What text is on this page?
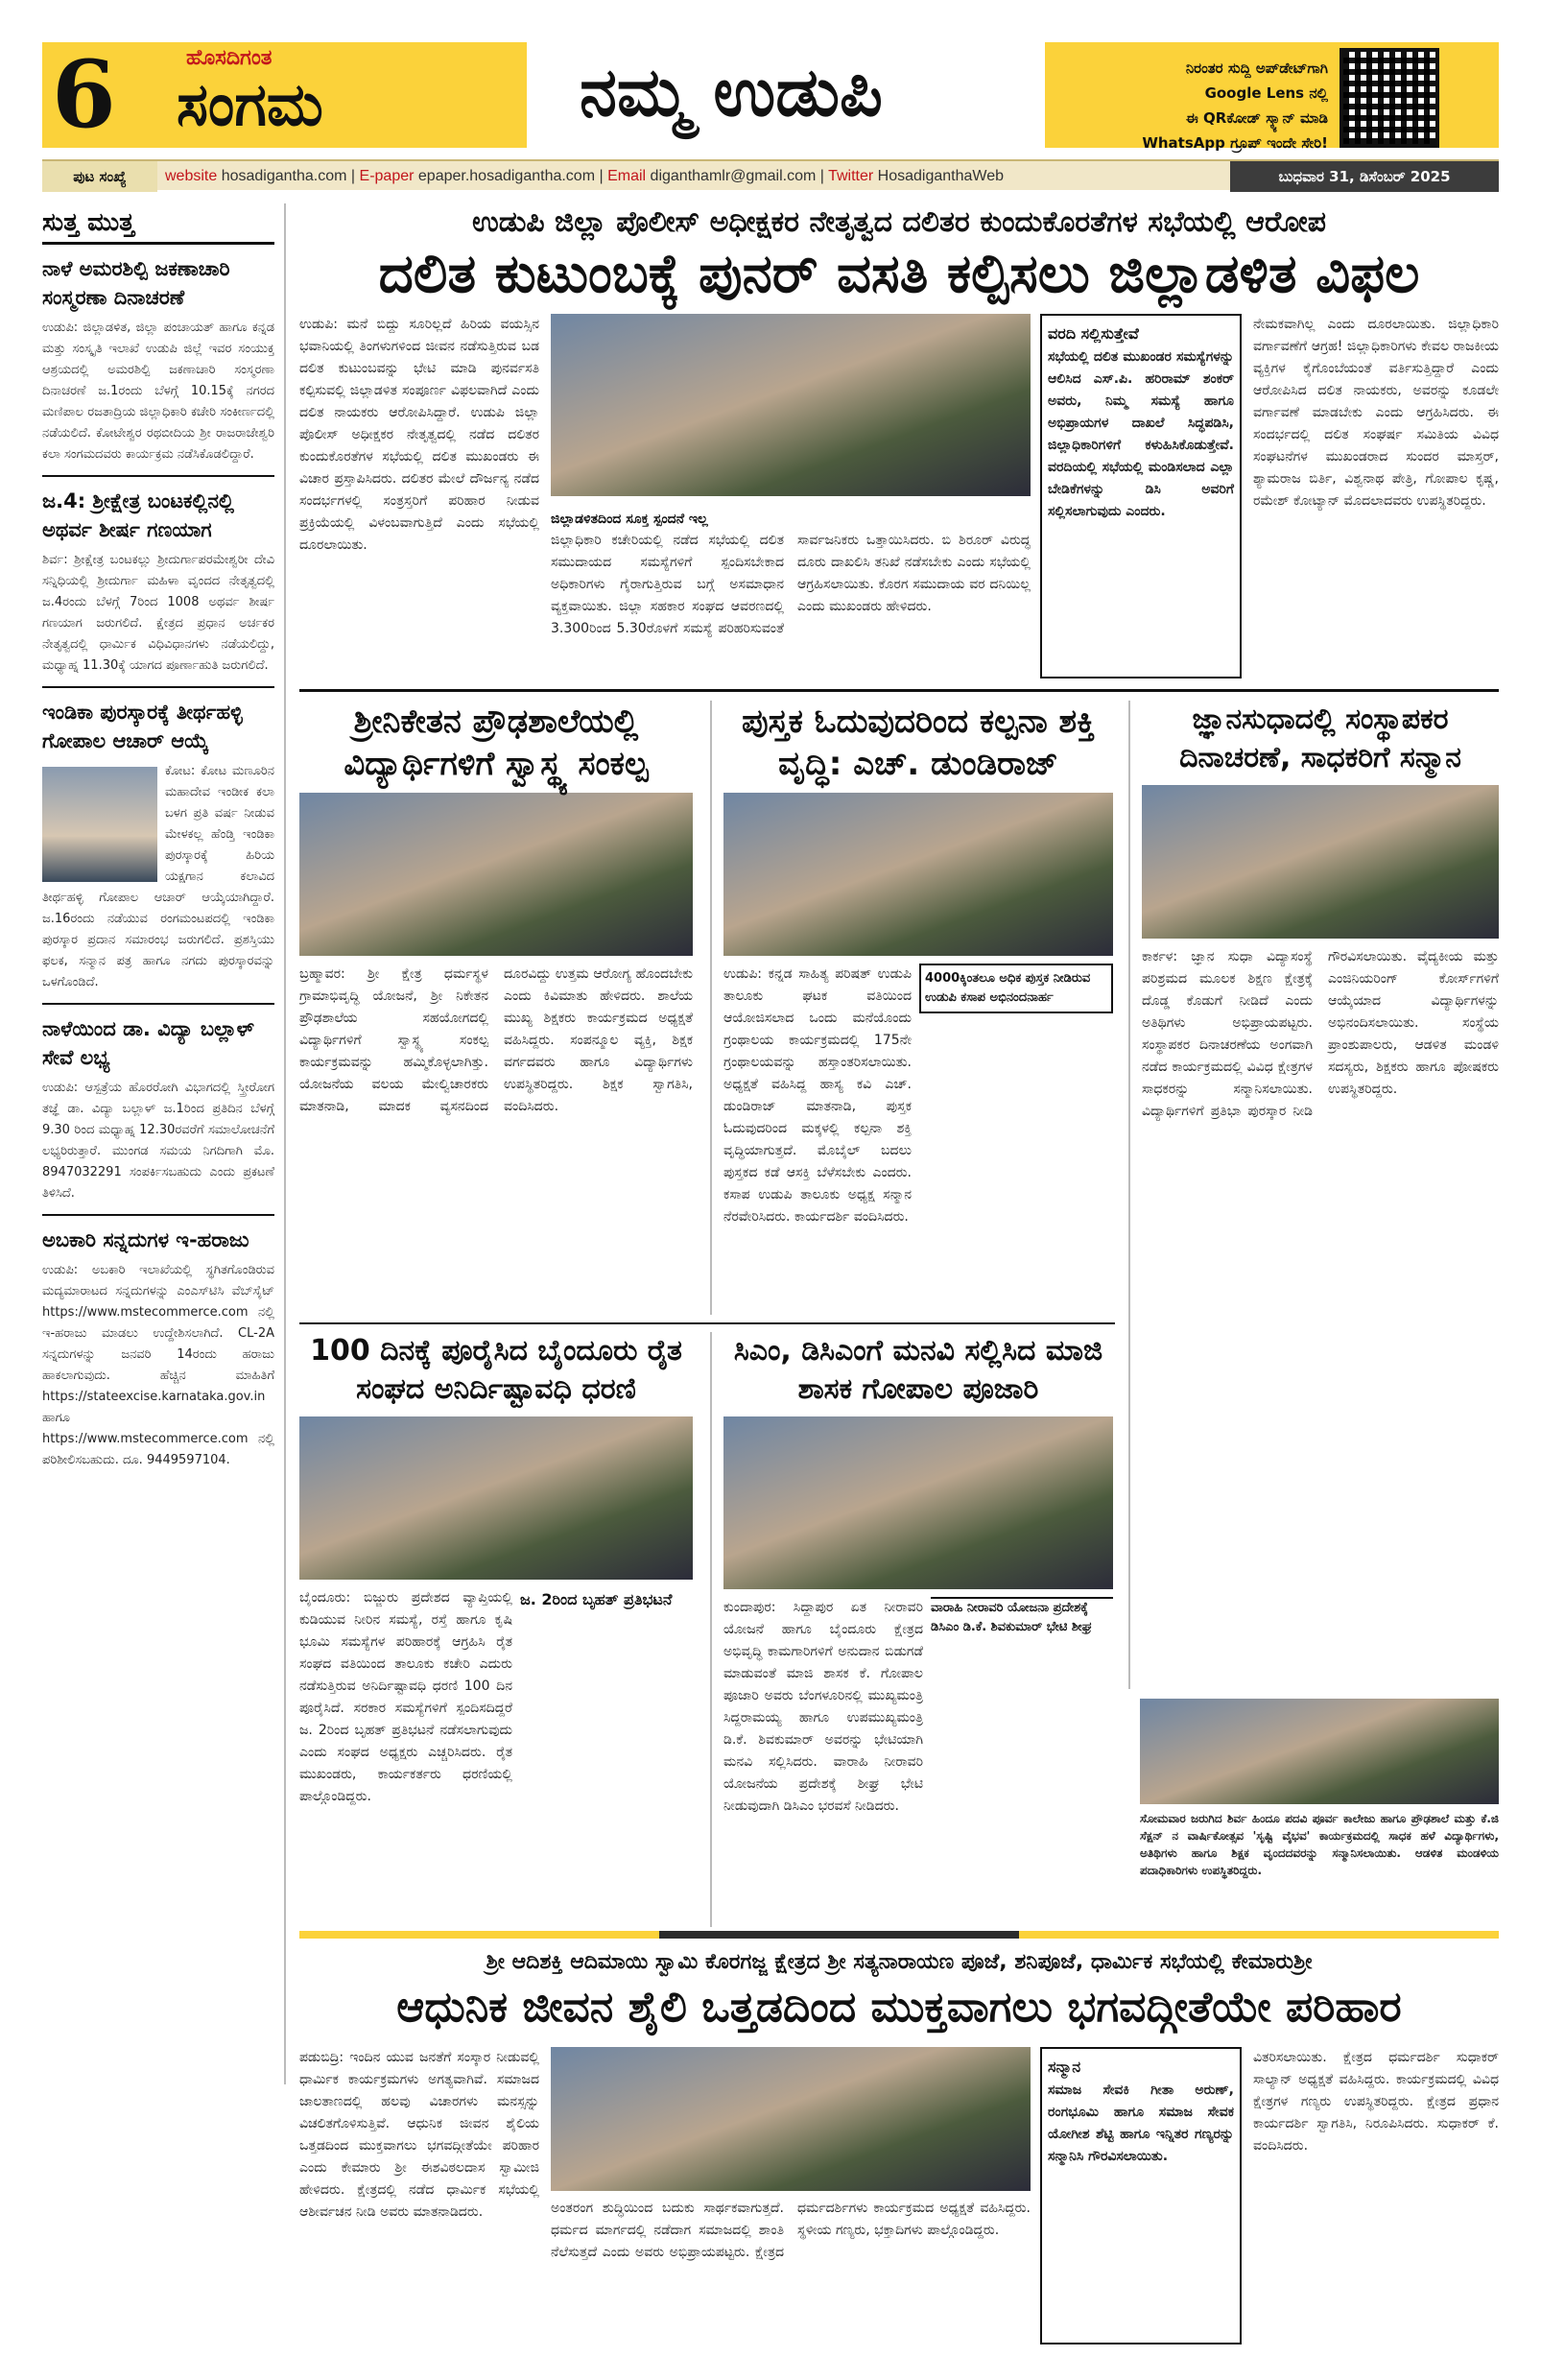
6	ಹೊಸದಿಗಂತ
ಸಂಗಮ	ನಮ್ಮ ಉಡುಪಿ	ನಿರಂತರ ಸುದ್ದಿ ಅಪ್‌ಡೇಟ್‌ಗಾಗಿ
Google Lens ನಲ್ಲಿ
ಈ QRಕೋಡ್ ಸ್ಕ್ಯಾನ್ ಮಾಡಿ
WhatsApp ಗ್ರೂಪ್ ಇಂದೇ ಸೇರಿ!
ಪುಟ ಸಂಖ್ಯೆ	website hosadigantha.com | E-paper epaper.hosadigantha.com | Email diganthamlr@gmail.com | Twitter HosadiganthaWeb	ಬುಧವಾರ 31, ಡಿಸೆಂಬರ್ 2025
ಸುತ್ತ ಮುತ್ತ
ನಾಳೆ ಅಮರಶಿಲ್ಪಿ ಜಕಣಾಚಾರಿ ಸಂಸ್ಮರಣಾ ದಿನಾಚರಣೆ
ಉಡುಪಿ: ಜಿಲ್ಲಾಡಳಿತ, ಜಿಲ್ಲಾ ಪಂಚಾಯತ್ ಹಾಗೂ ಕನ್ನಡ ಮತ್ತು ಸಂಸ್ಕೃತಿ ಇಲಾಖೆ ಉಡುಪಿ ಜಿಲ್ಲೆ ಇವರ ಸಂಯುಕ್ತ ಆಶ್ರಯದಲ್ಲಿ ಅಮರಶಿಲ್ಪಿ ಜಕಣಾಚಾರಿ ಸಂಸ್ಮರಣಾ ದಿನಾಚರಣೆ ಜ.1ರಂದು ಬೆಳಗ್ಗೆ 10.15ಕ್ಕೆ ನಗರದ ಮಣಿಪಾಲ ರಜತಾದ್ರಿಯ ಜಿಲ್ಲಾಧಿಕಾರಿ ಕಚೇರಿ ಸಂಕೀರ್ಣದಲ್ಲಿ ನಡೆಯಲಿದೆ. ಕೋಟೇಶ್ವರ ರಥಬೀದಿಯ ಶ್ರೀ ರಾಜರಾಜೇಶ್ವರಿ ಕಲಾ ಸಂಗಮದವರು ಕಾರ್ಯಕ್ರಮ ನಡೆಸಿಕೊಡಲಿದ್ದಾರೆ.
ಜ.4: ಶ್ರೀಕ್ಷೇತ್ರ ಬಂಟಕಲ್ಲಿನಲ್ಲಿ ಅಥರ್ವ ಶೀರ್ಷ ಗಣಯಾಗ
ಶಿರ್ವ: ಶ್ರೀಕ್ಷೇತ್ರ ಬಂಟಕಲ್ಲು ಶ್ರೀದುರ್ಗಾಪರಮೇಶ್ವರೀ ದೇವಿ ಸನ್ನಿಧಿಯಲ್ಲಿ ಶ್ರೀದುರ್ಗಾ ಮಹಿಳಾ ವೃಂದದ ನೇತೃತ್ವದಲ್ಲಿ ಜ.4ರಂದು ಬೆಳಗ್ಗೆ 7ರಿಂದ 1008 ಅಥರ್ವ ಶೀರ್ಷ ಗಣಯಾಗ ಜರುಗಲಿದೆ. ಕ್ಷೇತ್ರದ ಪ್ರಧಾನ ಅರ್ಚಕರ ನೇತೃತ್ವದಲ್ಲಿ ಧಾರ್ಮಿಕ ವಿಧಿವಿಧಾನಗಳು ನಡೆಯಲಿದ್ದು, ಮಧ್ಯಾಹ್ನ 11.30ಕ್ಕೆ ಯಾಗದ ಪೂರ್ಣಾಹುತಿ ಜರುಗಲಿದೆ.
ಇಂಡಿಕಾ ಪುರಸ್ಕಾರಕ್ಕೆ ತೀರ್ಥಹಳ್ಳಿ ಗೋಪಾಲ ಆಚಾರ್ ಆಯ್ಕೆ
ಕೋಟ: ಕೋಟ ಮಣೂರಿನ ಮಹಾದೇವ ಇಂಡೀಕ ಕಲಾ ಬಳಗ ಪ್ರತಿ ವರ್ಷ ನೀಡುವ ಮೇಳಕಲ್ಲ ಹೆಂಡ್ತಿ ಇಂಡಿಕಾ ಪುರಸ್ಕಾರಕ್ಕೆ ಹಿರಿಯ ಯಕ್ಷಗಾನ ಕಲಾವಿದ ತೀರ್ಥಹಳ್ಳಿ ಗೋಪಾಲ ಆಚಾರ್ ಆಯ್ಕೆಯಾಗಿದ್ದಾರೆ. ಜ.16ರಂದು ನಡೆಯುವ ರಂಗಮಂಟಪದಲ್ಲಿ ಇಂಡಿಕಾ ಪುರಸ್ಕಾರ ಪ್ರದಾನ ಸಮಾರಂಭ ಜರುಗಲಿದೆ. ಪ್ರಶಸ್ತಿಯು ಫಲಕ, ಸನ್ಮಾನ ಪತ್ರ ಹಾಗೂ ನಗದು ಪುರಸ್ಕಾರವನ್ನು ಒಳಗೊಂಡಿದೆ.
ನಾಳೆಯಿಂದ ಡಾ. ವಿದ್ಯಾ ಬಲ್ಲಾಳ್ ಸೇವೆ ಲಭ್ಯ
ಉಡುಪಿ: ಆಸ್ಪತ್ರೆಯ ಹೊರರೋಗಿ ವಿಭಾಗದಲ್ಲಿ ಸ್ತ್ರೀರೋಗ ತಜ್ಞೆ ಡಾ. ವಿದ್ಯಾ ಬಲ್ಲಾಳ್ ಜ.1ರಿಂದ ಪ್ರತಿದಿನ ಬೆಳಗ್ಗೆ 9.30 ರಿಂದ ಮಧ್ಯಾಹ್ನ 12.30ರವರೆಗೆ ಸಮಾಲೋಚನೆಗೆ ಲಭ್ಯರಿರುತ್ತಾರೆ. ಮುಂಗಡ ಸಮಯ ನಿಗದಿಗಾಗಿ ಮೊ. 8947032291 ಸಂಪರ್ಕಿಸಬಹುದು ಎಂದು ಪ್ರಕಟಣೆ ತಿಳಿಸಿದೆ.
ಅಬಕಾರಿ ಸನ್ನದುಗಳ ಇ-ಹರಾಜು
ಉಡುಪಿ: ಅಬಕಾರಿ ಇಲಾಖೆಯಲ್ಲಿ ಸ್ಥಗಿತಗೊಂಡಿರುವ ಮದ್ಯಮಾರಾಟದ ಸನ್ನದುಗಳನ್ನು ಎಂಎಸ್‌ಟಿಸಿ ವೆಬ್‌ಸೈಟ್ https://www.mstecommerce.com ನಲ್ಲಿ ಇ-ಹರಾಜು ಮಾಡಲು ಉದ್ದೇಶಿಸಲಾಗಿದೆ. CL-2A ಸನ್ನದುಗಳನ್ನು ಜನವರಿ 14ರಂದು ಹರಾಜು ಹಾಕಲಾಗುವುದು. ಹೆಚ್ಚಿನ ಮಾಹಿತಿಗೆ https://stateexcise.karnataka.gov.in ಹಾಗೂ https://www.mstecommerce.com ನಲ್ಲಿ ಪರಿಶೀಲಿಸಬಹುದು. ದೂ. 9449597104.
ಉಡುಪಿ ಜಿಲ್ಲಾ ಪೊಲೀಸ್ ಅಧೀಕ್ಷಕರ ನೇತೃತ್ವದ ದಲಿತರ ಕುಂದುಕೊರತೆಗಳ ಸಭೆಯಲ್ಲಿ ಆರೋಪ
ದಲಿತ ಕುಟುಂಬಕ್ಕೆ ಪುನರ್ ವಸತಿ ಕಲ್ಪಿಸಲು ಜಿಲ್ಲಾಡಳಿತ ವಿಫಲ
ಉಡುಪಿ: ಮನೆ ಬಿದ್ದು ಸೂರಿಲ್ಲದೆ ಹಿರಿಯ ವಯಸ್ಸಿನ ಭವಾನಿಯಲ್ಲಿ ತಿಂಗಳುಗಳಿಂದ ಜೀವನ ನಡೆಸುತ್ತಿರುವ ಬಡ ದಲಿತ ಕುಟುಂಬವನ್ನು ಭೇಟಿ ಮಾಡಿ ಪುನರ್ವಸತಿ ಕಲ್ಪಿಸುವಲ್ಲಿ ಜಿಲ್ಲಾಡಳಿತ ಸಂಪೂರ್ಣ ವಿಫಲವಾಗಿದೆ ಎಂದು ದಲಿತ ನಾಯಕರು ಆರೋಪಿಸಿದ್ದಾರೆ. ಉಡುಪಿ ಜಿಲ್ಲಾ ಪೊಲೀಸ್ ಅಧೀಕ್ಷಕರ ನೇತೃತ್ವದಲ್ಲಿ ನಡೆದ ದಲಿತರ ಕುಂದುಕೊರತೆಗಳ ಸಭೆಯಲ್ಲಿ ದಲಿತ ಮುಖಂಡರು ಈ ವಿಚಾರ ಪ್ರಸ್ತಾಪಿಸಿದರು. ದಲಿತರ ಮೇಲೆ ದೌರ್ಜನ್ಯ ನಡೆದ ಸಂದರ್ಭಗಳಲ್ಲಿ ಸಂತ್ರಸ್ತರಿಗೆ ಪರಿಹಾರ ನೀಡುವ ಪ್ರಕ್ರಿಯೆಯಲ್ಲಿ ವಿಳಂಬವಾಗುತ್ತಿದೆ ಎಂದು ಸಭೆಯಲ್ಲಿ ದೂರಲಾಯಿತು.
ಜಿಲ್ಲಾಡಳಿತದಿಂದ ಸೂಕ್ತ ಸ್ಪಂದನೆ ಇಲ್ಲ
ಜಿಲ್ಲಾಧಿಕಾರಿ ಕಚೇರಿಯಲ್ಲಿ ನಡೆದ ಸಭೆಯಲ್ಲಿ ದಲಿತ ಸಮುದಾಯದ ಸಮಸ್ಯೆಗಳಿಗೆ ಸ್ಪಂದಿಸಬೇಕಾದ ಅಧಿಕಾರಿಗಳು ಗೈರಾಗುತ್ತಿರುವ ಬಗ್ಗೆ ಅಸಮಾಧಾನ ವ್ಯಕ್ತವಾಯಿತು. ಜಿಲ್ಲಾ ಸಹಕಾರ ಸಂಘದ ಆವರಣದಲ್ಲಿ 3.300ರಿಂದ 5.30ರೊಳಗೆ ಸಮಸ್ಯೆ ಪರಿಹರಿಸುವಂತೆ ಸಾರ್ವಜನಿಕರು ಒತ್ತಾಯಿಸಿದರು. ಬಿ ಶಿರೂರ್ ವಿರುದ್ಧ ದೂರು ದಾಖಲಿಸಿ ತನಿಖೆ ನಡೆಸಬೇಕು ಎಂದು ಸಭೆಯಲ್ಲಿ ಆಗ್ರಹಿಸಲಾಯಿತು. ಕೊರಗ ಸಮುದಾಯ ವರ ದನಿಯಿಲ್ಲ ಎಂದು ಮುಖಂಡರು ಹೇಳಿದರು.
ವರದಿ ಸಲ್ಲಿಸುತ್ತೇವೆ
ಸಭೆಯಲ್ಲಿ ದಲಿತ ಮುಖಂಡರ ಸಮಸ್ಯೆಗಳನ್ನು ಆಲಿಸಿದ ಎಸ್.ಪಿ. ಹರಿರಾಮ್ ಶಂಕರ್ ಅವರು, ನಿಮ್ಮ ಸಮಸ್ಯೆ ಹಾಗೂ ಅಭಿಪ್ರಾಯಗಳ ದಾಖಲೆ ಸಿದ್ಧಪಡಿಸಿ, ಜಿಲ್ಲಾಧಿಕಾರಿಗಳಿಗೆ ಕಳುಹಿಸಿಕೊಡುತ್ತೇವೆ. ವರದಿಯಲ್ಲಿ ಸಭೆಯಲ್ಲಿ ಮಂಡಿಸಲಾದ ಎಲ್ಲಾ ಬೇಡಿಕೆಗಳನ್ನು ಡಿಸಿ ಅವರಿಗೆ ಸಲ್ಲಿಸಲಾಗುವುದು ಎಂದರು.
ನೇಮಕವಾಗಿಲ್ಲ ಎಂದು ದೂರಲಾಯಿತು. ಜಿಲ್ಲಾಧಿಕಾರಿ ವರ್ಗಾವಣೆಗೆ ಆಗ್ರಹ! ಜಿಲ್ಲಾಧಿಕಾರಿಗಳು ಕೇವಲ ರಾಜಕೀಯ ವ್ಯಕ್ತಿಗಳ ಕೈಗೊಂಬೆಯಂತೆ ವರ್ತಿಸುತ್ತಿದ್ದಾರೆ ಎಂದು ಆರೋಪಿಸಿದ ದಲಿತ ನಾಯಕರು, ಅವರನ್ನು ಕೂಡಲೇ ವರ್ಗಾವಣೆ ಮಾಡಬೇಕು ಎಂದು ಆಗ್ರಹಿಸಿದರು. ಈ ಸಂದರ್ಭದಲ್ಲಿ ದಲಿತ ಸಂಘರ್ಷ ಸಮಿತಿಯ ವಿವಿಧ ಸಂಘಟನೆಗಳ ಮುಖಂಡರಾದ ಸುಂದರ ಮಾಸ್ತರ್, ಶ್ಯಾಮರಾಜ ಬಿರ್ತಿ, ವಿಶ್ವನಾಥ ಪೇತ್ರಿ, ಗೋಪಾಲ ಕೃಷ್ಣ, ರಮೇಶ್ ಕೋಟ್ಯಾನ್ ಮೊದಲಾದವರು ಉಪಸ್ಥಿತರಿದ್ದರು.
ಶ್ರೀನಿಕೇತನ ಪ್ರೌಢಶಾಲೆಯಲ್ಲಿ ವಿದ್ಯಾರ್ಥಿಗಳಿಗೆ ಸ್ವಾಸ್ಥ್ಯ ಸಂಕಲ್ಪ
ಬ್ರಹ್ಮಾವರ: ಶ್ರೀ ಕ್ಷೇತ್ರ ಧರ್ಮಸ್ಥಳ ಗ್ರಾಮಾಭಿವೃದ್ಧಿ ಯೋಜನೆ, ಶ್ರೀ ನಿಕೇತನ ಪ್ರೌಢಶಾಲೆಯ ಸಹಯೋಗದಲ್ಲಿ ವಿದ್ಯಾರ್ಥಿಗಳಿಗೆ ಸ್ವಾಸ್ಥ್ಯ ಸಂಕಲ್ಪ ಕಾರ್ಯಕ್ರಮವನ್ನು ಹಮ್ಮಿಕೊಳ್ಳಲಾಗಿತ್ತು. ಯೋಜನೆಯ ವಲಯ ಮೇಲ್ವಿಚಾರಕರು ಮಾತನಾಡಿ, ಮಾದಕ ವ್ಯಸನದಿಂದ ದೂರವಿದ್ದು ಉತ್ತಮ ಆರೋಗ್ಯ ಹೊಂದಬೇಕು ಎಂದು ಕಿವಿಮಾತು ಹೇಳಿದರು. ಶಾಲೆಯ ಮುಖ್ಯ ಶಿಕ್ಷಕರು ಕಾರ್ಯಕ್ರಮದ ಅಧ್ಯಕ್ಷತೆ ವಹಿಸಿದ್ದರು. ಸಂಪನ್ಮೂಲ ವ್ಯಕ್ತಿ, ಶಿಕ್ಷಕ ವರ್ಗದವರು ಹಾಗೂ ವಿದ್ಯಾರ್ಥಿಗಳು ಉಪಸ್ಥಿತರಿದ್ದರು. ಶಿಕ್ಷಕ ಸ್ವಾಗತಿಸಿ, ವಂದಿಸಿದರು.
ಪುಸ್ತಕ ಓದುವುದರಿಂದ ಕಲ್ಪನಾ ಶಕ್ತಿ ವೃದ್ಧಿ: ಎಚ್. ಡುಂಡಿರಾಜ್
4000ಕ್ಕಿಂತಲೂ ಅಧಿಕ ಪುಸ್ತಕ ನೀಡಿರುವ ಉಡುಪಿ ಕಸಾಪ ಅಭಿನಂದನಾರ್ಹ
ಉಡುಪಿ: ಕನ್ನಡ ಸಾಹಿತ್ಯ ಪರಿಷತ್ ಉಡುಪಿ ತಾಲೂಕು ಘಟಕ ವತಿಯಿಂದ ಆಯೋಜಿಸಲಾದ ಒಂದು ಮನೆಯೊಂದು ಗ್ರಂಥಾಲಯ ಕಾರ್ಯಕ್ರಮದಲ್ಲಿ 175ನೇ ಗ್ರಂಥಾಲಯವನ್ನು ಹಸ್ತಾಂತರಿಸಲಾಯಿತು. ಅಧ್ಯಕ್ಷತೆ ವಹಿಸಿದ್ದ ಹಾಸ್ಯ ಕವಿ ಎಚ್. ಡುಂಡಿರಾಜ್ ಮಾತನಾಡಿ, ಪುಸ್ತಕ ಓದುವುದರಿಂದ ಮಕ್ಕಳಲ್ಲಿ ಕಲ್ಪನಾ ಶಕ್ತಿ ವೃದ್ಧಿಯಾಗುತ್ತದೆ. ಮೊಬೈಲ್ ಬದಲು ಪುಸ್ತಕದ ಕಡೆ ಆಸಕ್ತಿ ಬೆಳೆಸಬೇಕು ಎಂದರು. ಕಸಾಪ ಉಡುಪಿ ತಾಲೂಕು ಅಧ್ಯಕ್ಷ ಸನ್ಮಾನ ನೆರವೇರಿಸಿದರು. ಕಾರ್ಯದರ್ಶಿ ವಂದಿಸಿದರು.
ಜ್ಞಾನಸುಧಾದಲ್ಲಿ ಸಂಸ್ಥಾಪಕರ ದಿನಾಚರಣೆ, ಸಾಧಕರಿಗೆ ಸನ್ಮಾನ
ಕಾರ್ಕಳ: ಜ್ಞಾನ ಸುಧಾ ವಿದ್ಯಾಸಂಸ್ಥೆ ಪರಿಶ್ರಮದ ಮೂಲಕ ಶಿಕ್ಷಣ ಕ್ಷೇತ್ರಕ್ಕೆ ದೊಡ್ಡ ಕೊಡುಗೆ ನೀಡಿದೆ ಎಂದು ಅತಿಥಿಗಳು ಅಭಿಪ್ರಾಯಪಟ್ಟರು. ಸಂಸ್ಥಾಪಕರ ದಿನಾಚರಣೆಯ ಅಂಗವಾಗಿ ನಡೆದ ಕಾರ್ಯಕ್ರಮದಲ್ಲಿ ವಿವಿಧ ಕ್ಷೇತ್ರಗಳ ಸಾಧಕರನ್ನು ಸನ್ಮಾನಿಸಲಾಯಿತು. ವಿದ್ಯಾರ್ಥಿಗಳಿಗೆ ಪ್ರತಿಭಾ ಪುರಸ್ಕಾರ ನೀಡಿ ಗೌರವಿಸಲಾಯಿತು. ವೈದ್ಯಕೀಯ ಮತ್ತು ಎಂಜಿನಿಯರಿಂಗ್ ಕೋರ್ಸ್‌ಗಳಿಗೆ ಆಯ್ಕೆಯಾದ ವಿದ್ಯಾರ್ಥಿಗಳನ್ನು ಅಭಿನಂದಿಸಲಾಯಿತು. ಸಂಸ್ಥೆಯ ಪ್ರಾಂಶುಪಾಲರು, ಆಡಳಿತ ಮಂಡಳಿ ಸದಸ್ಯರು, ಶಿಕ್ಷಕರು ಹಾಗೂ ಪೋಷಕರು ಉಪಸ್ಥಿತರಿದ್ದರು.
100 ದಿನಕ್ಕೆ ಪೂರೈಸಿದ ಬೈಂದೂರು ರೈತ ಸಂಘದ ಅನಿರ್ದಿಷ್ಟಾವಧಿ ಧರಣಿ
ಜ. 2ರಿಂದ ಬೃಹತ್ ಪ್ರತಿಭಟನೆ
ಬೈಂದೂರು: ಬಿಜ್ಜುರು ಪ್ರದೇಶದ ವ್ಯಾಪ್ತಿಯಲ್ಲಿ ಕುಡಿಯುವ ನೀರಿನ ಸಮಸ್ಯೆ, ರಸ್ತೆ ಹಾಗೂ ಕೃಷಿ ಭೂಮಿ ಸಮಸ್ಯೆಗಳ ಪರಿಹಾರಕ್ಕೆ ಆಗ್ರಹಿಸಿ ರೈತ ಸಂಘದ ವತಿಯಿಂದ ತಾಲೂಕು ಕಚೇರಿ ಎದುರು ನಡೆಸುತ್ತಿರುವ ಅನಿರ್ದಿಷ್ಟಾವಧಿ ಧರಣಿ 100 ದಿನ ಪೂರೈಸಿದೆ. ಸರಕಾರ ಸಮಸ್ಯೆಗಳಿಗೆ ಸ್ಪಂದಿಸದಿದ್ದರೆ ಜ. 2ರಿಂದ ಬೃಹತ್ ಪ್ರತಿಭಟನೆ ನಡೆಸಲಾಗುವುದು ಎಂದು ಸಂಘದ ಅಧ್ಯಕ್ಷರು ಎಚ್ಚರಿಸಿದರು. ರೈತ ಮುಖಂಡರು, ಕಾರ್ಯಕರ್ತರು ಧರಣಿಯಲ್ಲಿ ಪಾಲ್ಗೊಂಡಿದ್ದರು.
ಸಿಎಂ, ಡಿಸಿಎಂಗೆ ಮನವಿ ಸಲ್ಲಿಸಿದ ಮಾಜಿ ಶಾಸಕ ಗೋಪಾಲ ಪೂಜಾರಿ
ವಾರಾಹಿ ನೀರಾವರಿ ಯೋಜನಾ ಪ್ರದೇಶಕ್ಕೆ ಡಿಸಿಎಂ ಡಿ.ಕೆ. ಶಿವಕುಮಾರ್ ಭೇಟಿ ಶೀಘ್ರ
ಕುಂದಾಪುರ: ಸಿದ್ದಾಪುರ ಏತ ನೀರಾವರಿ ಯೋಜನೆ ಹಾಗೂ ಬೈಂದೂರು ಕ್ಷೇತ್ರದ ಅಭಿವೃದ್ಧಿ ಕಾಮಗಾರಿಗಳಿಗೆ ಅನುದಾನ ಬಿಡುಗಡೆ ಮಾಡುವಂತೆ ಮಾಜಿ ಶಾಸಕ ಕೆ. ಗೋಪಾಲ ಪೂಜಾರಿ ಅವರು ಬೆಂಗಳೂರಿನಲ್ಲಿ ಮುಖ್ಯಮಂತ್ರಿ ಸಿದ್ದರಾಮಯ್ಯ ಹಾಗೂ ಉಪಮುಖ್ಯಮಂತ್ರಿ ಡಿ.ಕೆ. ಶಿವಕುಮಾರ್ ಅವರನ್ನು ಭೇಟಿಯಾಗಿ ಮನವಿ ಸಲ್ಲಿಸಿದರು. ವಾರಾಹಿ ನೀರಾವರಿ ಯೋಜನೆಯ ಪ್ರದೇಶಕ್ಕೆ ಶೀಘ್ರ ಭೇಟಿ ನೀಡುವುದಾಗಿ ಡಿಸಿಎಂ ಭರವಸೆ ನೀಡಿದರು.
ಸೋಮವಾರ ಜರುಗಿದ ಶಿರ್ವ ಹಿಂದೂ ಪದವಿ ಪೂರ್ವ ಕಾಲೇಜು ಹಾಗೂ ಪ್ರೌಢಶಾಲೆ ಮತ್ತು ಕೆ.ಜಿ ಸೆಕ್ಷನ್ ನ ವಾರ್ಷಿಕೋತ್ಸವ 'ಸೃಷ್ಟಿ ವೈಭವ' ಕಾರ್ಯಕ್ರಮದಲ್ಲಿ ಸಾಧಕ ಹಳೆ ವಿದ್ಯಾರ್ಥಿಗಳು, ಅತಿಥಿಗಳು ಹಾಗೂ ಶಿಕ್ಷಕ ವೃಂದದವರನ್ನು ಸನ್ಮಾನಿಸಲಾಯಿತು. ಆಡಳಿತ ಮಂಡಳಿಯ ಪದಾಧಿಕಾರಿಗಳು ಉಪಸ್ಥಿತರಿದ್ದರು.
ಶ್ರೀ ಆದಿಶಕ್ತಿ ಆದಿಮಾಯಿ ಸ್ವಾಮಿ ಕೊರಗಜ್ಜ ಕ್ಷೇತ್ರದ ಶ್ರೀ ಸತ್ಯನಾರಾಯಣ ಪೂಜೆ, ಶನಿಪೂಜೆ, ಧಾರ್ಮಿಕ ಸಭೆಯಲ್ಲಿ ಕೇಮಾರುಶ್ರೀ
ಆಧುನಿಕ ಜೀವನ ಶೈಲಿ ಒತ್ತಡದಿಂದ ಮುಕ್ತವಾಗಲು ಭಗವದ್ಗೀತೆಯೇ ಪರಿಹಾರ
ಪಡುಬಿದ್ರಿ: ಇಂದಿನ ಯುವ ಜನತೆಗೆ ಸಂಸ್ಕಾರ ನೀಡುವಲ್ಲಿ ಧಾರ್ಮಿಕ ಕಾರ್ಯಕ್ರಮಗಳು ಅಗತ್ಯವಾಗಿವೆ. ಸಮಾಜದ ಜಾಲತಾಣದಲ್ಲಿ ಹಲವು ವಿಚಾರಗಳು ಮನಸ್ಸನ್ನು ವಿಚಲಿತಗೊಳಿಸುತ್ತಿವೆ. ಆಧುನಿಕ ಜೀವನ ಶೈಲಿಯ ಒತ್ತಡದಿಂದ ಮುಕ್ತವಾಗಲು ಭಗವದ್ಗೀತೆಯೇ ಪರಿಹಾರ ಎಂದು ಕೇಮಾರು ಶ್ರೀ ಈಶವಿಠಲದಾಸ ಸ್ವಾಮೀಜಿ ಹೇಳಿದರು. ಕ್ಷೇತ್ರದಲ್ಲಿ ನಡೆದ ಧಾರ್ಮಿಕ ಸಭೆಯಲ್ಲಿ ಆಶೀರ್ವಚನ ನೀಡಿ ಅವರು ಮಾತನಾಡಿದರು.	ಅಂತರಂಗ ಶುದ್ಧಿಯಿಂದ ಬದುಕು ಸಾರ್ಥಕವಾಗುತ್ತದೆ. ಧರ್ಮದ ಮಾರ್ಗದಲ್ಲಿ ನಡೆದಾಗ ಸಮಾಜದಲ್ಲಿ ಶಾಂತಿ ನೆಲೆಸುತ್ತದೆ ಎಂದು ಅವರು ಅಭಿಪ್ರಾಯಪಟ್ಟರು. ಕ್ಷೇತ್ರದ ಧರ್ಮದರ್ಶಿಗಳು ಕಾರ್ಯಕ್ರಮದ ಅಧ್ಯಕ್ಷತೆ ವಹಿಸಿದ್ದರು. ಸ್ಥಳೀಯ ಗಣ್ಯರು, ಭಕ್ತಾದಿಗಳು ಪಾಲ್ಗೊಂಡಿದ್ದರು.
ಸನ್ಮಾನ
ಸಮಾಜ ಸೇವಕಿ ಗೀತಾ ಅರುಣ್, ರಂಗಭೂಮಿ ಹಾಗೂ ಸಮಾಜ ಸೇವಕ ಯೋಗೀಶ ಶೆಟ್ಟಿ ಹಾಗೂ ಇನ್ನಿತರ ಗಣ್ಯರನ್ನು ಸನ್ಮಾನಿಸಿ ಗೌರವಿಸಲಾಯಿತು.
ವಿತರಿಸಲಾಯಿತು. ಕ್ಷೇತ್ರದ ಧರ್ಮದರ್ಶಿ ಸುಧಾಕರ್ ಸಾಲ್ಯಾನ್ ಅಧ್ಯಕ್ಷತೆ ವಹಿಸಿದ್ದರು. ಕಾರ್ಯಕ್ರಮದಲ್ಲಿ ವಿವಿಧ ಕ್ಷೇತ್ರಗಳ ಗಣ್ಯರು ಉಪಸ್ಥಿತರಿದ್ದರು. ಕ್ಷೇತ್ರದ ಪ್ರಧಾನ ಕಾರ್ಯದರ್ಶಿ ಸ್ವಾಗತಿಸಿ, ನಿರೂಪಿಸಿದರು. ಸುಧಾಕರ್ ಕೆ. ವಂದಿಸಿದರು.
